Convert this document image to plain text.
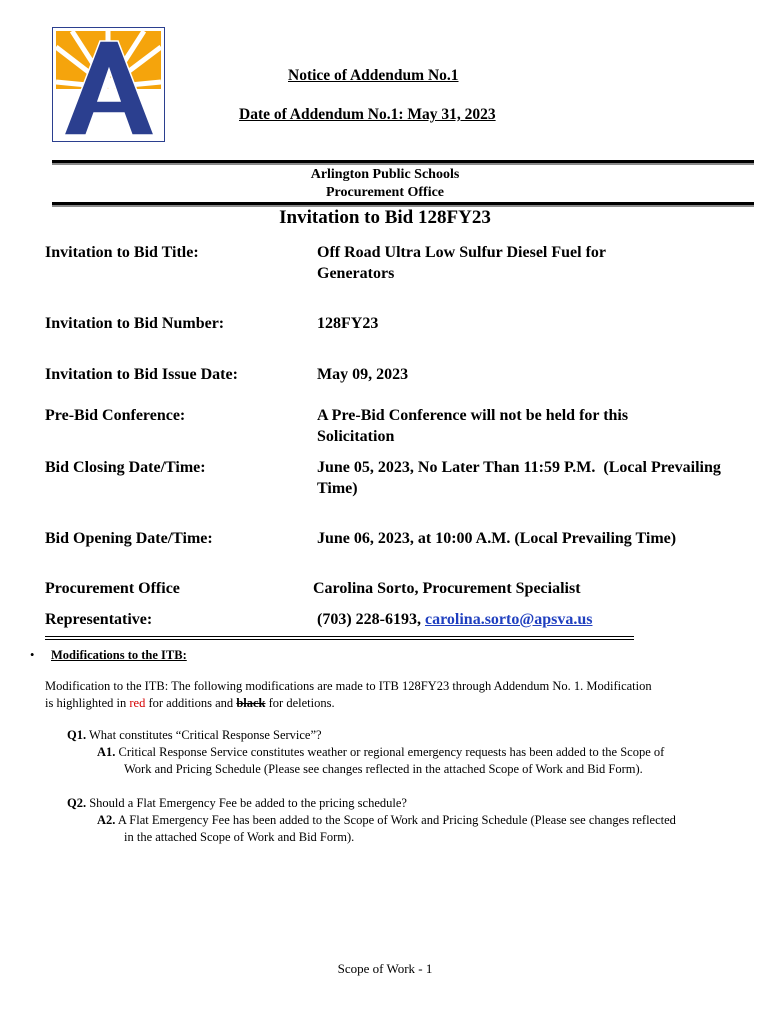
Notice of Addendum No.1
Date of Addendum No.1: May 31, 2023
Arlington Public Schools
Procurement Office
Invitation to Bid 128FY23
Invitation to Bid Title:	Off Road Ultra Low Sulfur Diesel Fuel for
Generators
Invitation to Bid Number:	128FY23
Invitation to Bid Issue Date:	May 09, 2023
Pre-Bid Conference:	A Pre-Bid Conference will not be held for this
Solicitation
Bid Closing Date/Time:	June 05, 2023, No Later Than 11:59 P.M.  (Local Prevailing
Time)
Bid Opening Date/Time:	June 06, 2023, at 10:00 A.M. (Local Prevailing Time)
Procurement Office	Carolina Sorto, Procurement Specialist
Representative:	(703) 228-6193, carolina.sorto@apsva.us
• Modifications to the ITB:
Modification to the ITB: The following modifications are made to ITB 128FY23 through Addendum No. 1. Modification
is highlighted in red for additions and black for deletions.
Q1. What constitutes “Critical Response Service”?
A1. Critical Response Service constitutes weather or regional emergency requests has been added to the Scope of
Work and Pricing Schedule (Please see changes reflected in the attached Scope of Work and Bid Form).
Q2. Should a Flat Emergency Fee be added to the pricing schedule?
A2. A Flat Emergency Fee has been added to the Scope of Work and Pricing Schedule (Please see changes reflected
in the attached Scope of Work and Bid Form).
Scope of Work - 1
